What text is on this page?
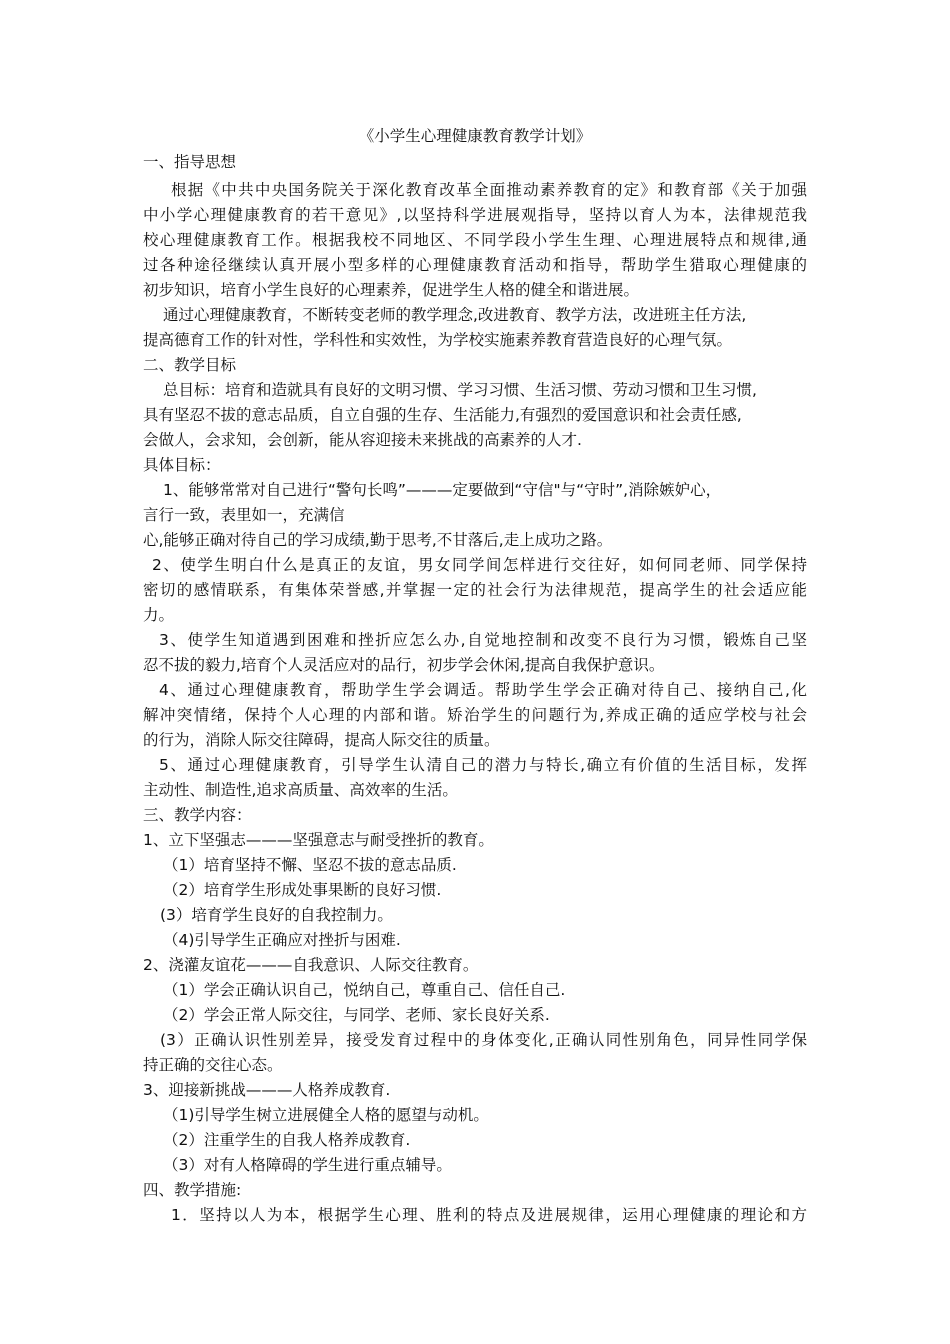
《小学生心理健康教育教学计划》
一、指导思想
根据《中共中央国务院关于深化教育改革全面推动素养教育的定》和教育部《关于加强
中小学心理健康教育的若干意见》,以坚持科学进展观指导，坚持以育人为本，法律规范我
校心理健康教育工作。根据我校不同地区、不同学段小学生生理、心理进展特点和规律,通
过各种途径继续认真开展小型多样的心理健康教育活动和指导，帮助学生猎取心理健康的
初步知识，培育小学生良好的心理素养，促进学生人格的健全和谐进展。
通过心理健康教育，不断转变老师的教学理念,改进教育、教学方法，改进班主任方法,
提高德育工作的针对性，学科性和实效性，为学校实施素养教育营造良好的心理气氛。
二、教学目标
总目标：培育和造就具有良好的文明习惯、学习习惯、生活习惯、劳动习惯和卫生习惯,
具有坚忍不拔的意志品质，自立自强的生存、生活能力,有强烈的爱国意识和社会责任感,
会做人，会求知，会创新，能从容迎接未来挑战的高素养的人才.
具体目标：
1、能够常常对自己进行“警句长鸣”———定要做到“守信"与“守时”,消除嫉妒心，
言行一致，表里如一，充满信
心,能够正确对待自己的学习成绩,勤于思考,不甘落后,走上成功之路。
2、使学生明白什么是真正的友谊，男女同学间怎样进行交往好，如何同老师、同学保持
密切的感情联系，有集体荣誉感,并掌握一定的社会行为法律规范，提高学生的社会适应能
力。
3、使学生知道遇到困难和挫折应怎么办,自觉地控制和改变不良行为习惯，锻炼自己坚
忍不拔的毅力,培育个人灵活应对的品行，初步学会休闲,提高自我保护意识。
4、通过心理健康教育，帮助学生学会调适。帮助学生学会正确对待自己、接纳自己,化
解冲突情绪，保持个人心理的内部和谐。矫治学生的问题行为,养成正确的适应学校与社会
的行为，消除人际交往障碍，提高人际交往的质量。
5、通过心理健康教育，引导学生认清自己的潜力与特长,确立有价值的生活目标，发挥
主动性、制造性,追求高质量、高效率的生活。
三、教学内容：
1、立下坚强志———坚强意志与耐受挫折的教育。
（1）培育坚持不懈、坚忍不拔的意志品质.
（2）培育学生形成处事果断的良好习惯.
(3）培育学生良好的自我控制力。
（4)引导学生正确应对挫折与困难.
2、浇灌友谊花———自我意识、人际交往教育。
（1）学会正确认识自己，悦纳自己，尊重自己、信任自己.
（2）学会正常人际交往，与同学、老师、家长良好关系.
(3）正确认识性别差异，接受发育过程中的身体变化,正确认同性别角色，同异性同学保
持正确的交往心态。
3、迎接新挑战———人格养成教育.
（1)引导学生树立进展健全人格的愿望与动机。
（2）注重学生的自我人格养成教育.
（3）对有人格障碍的学生进行重点辅导。
四、教学措施:
1．坚持以人为本，根据学生心理、胜利的特点及进展规律，运用心理健康的理论和方
